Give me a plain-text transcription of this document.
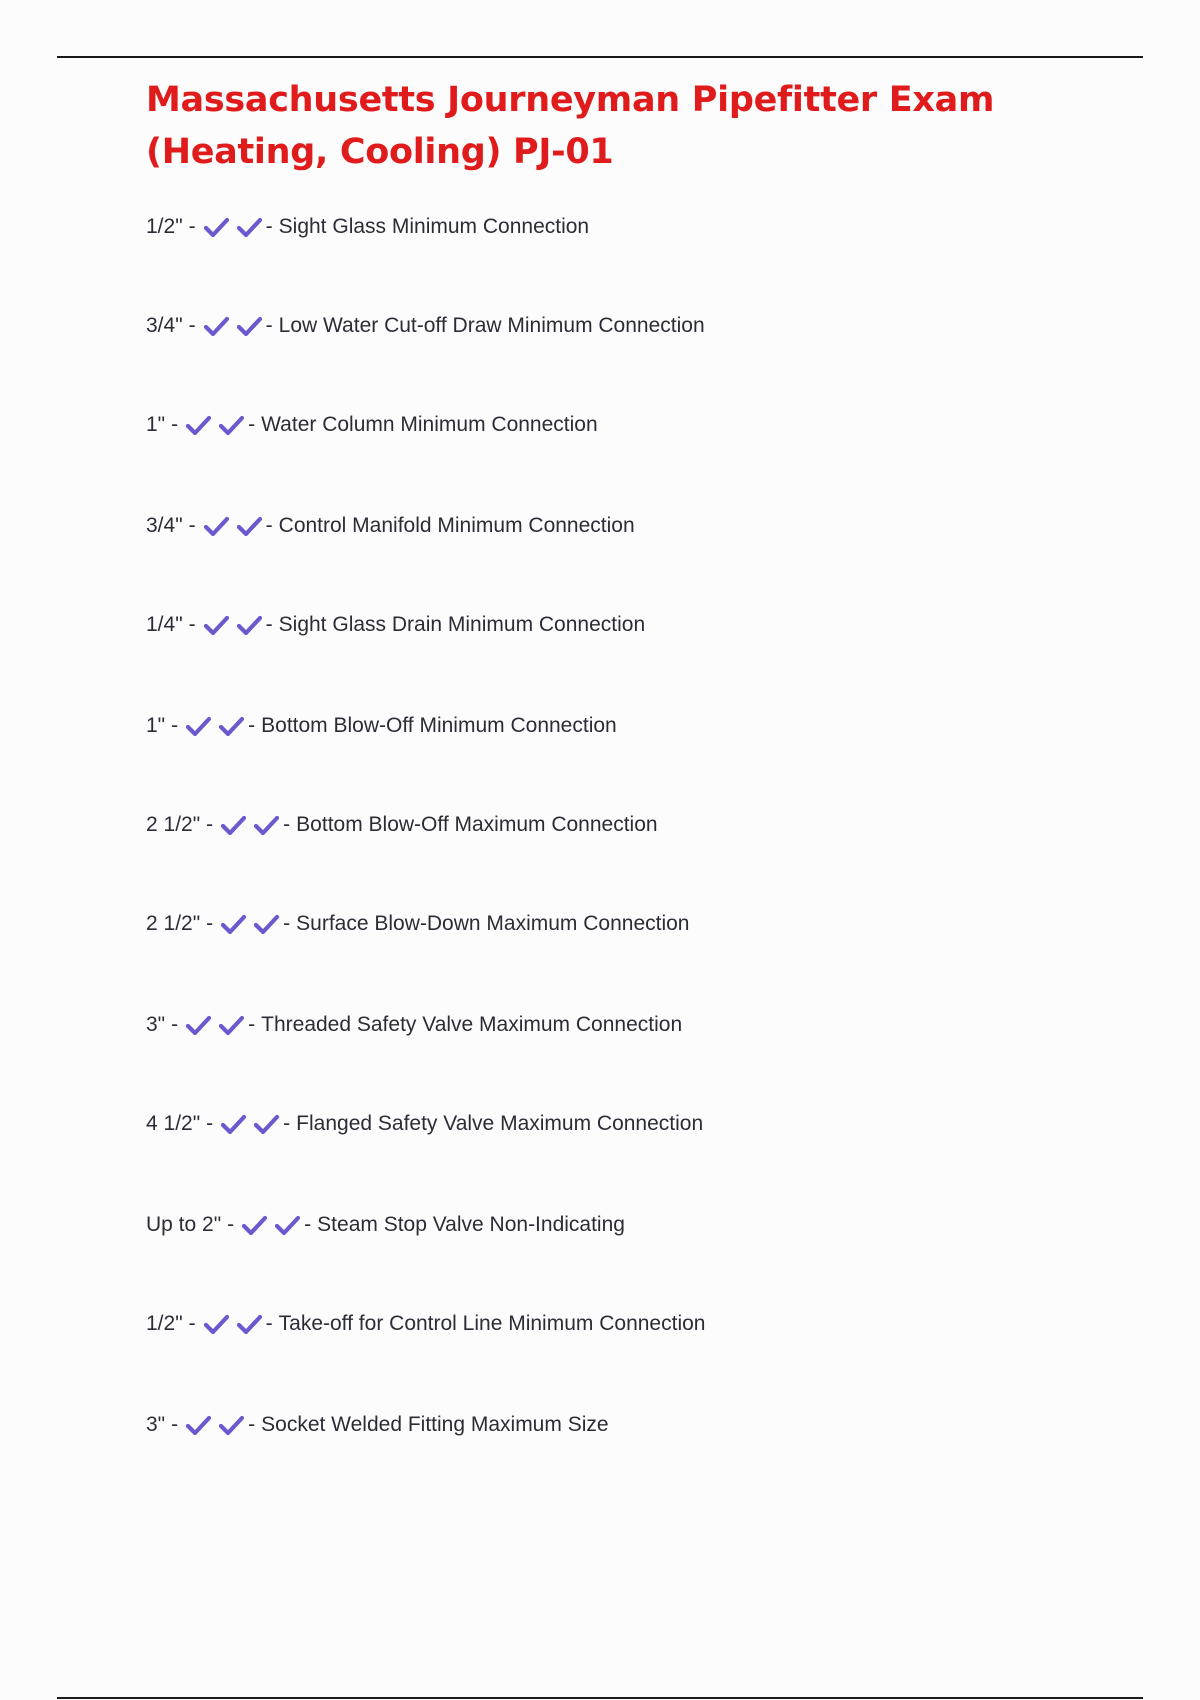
Massachusetts Journeyman Pipefitter Exam
(Heating, Cooling) PJ-01
1/2" -	- Sight Glass Minimum Connection
3/4" -	- Low Water Cut-off Draw Minimum Connection
1" -	- Water Column Minimum Connection
3/4" -	- Control Manifold Minimum Connection
1/4" -	- Sight Glass Drain Minimum Connection
1" -	- Bottom Blow-Off Minimum Connection
2 1/2" -	- Bottom Blow-Off Maximum Connection
2 1/2" -	- Surface Blow-Down Maximum Connection
3" -	- Threaded Safety Valve Maximum Connection
4 1/2" -	- Flanged Safety Valve Maximum Connection
Up to 2" -	- Steam Stop Valve Non-Indicating
1/2" -	- Take-off for Control Line Minimum Connection
3" -	- Socket Welded Fitting Maximum Size
